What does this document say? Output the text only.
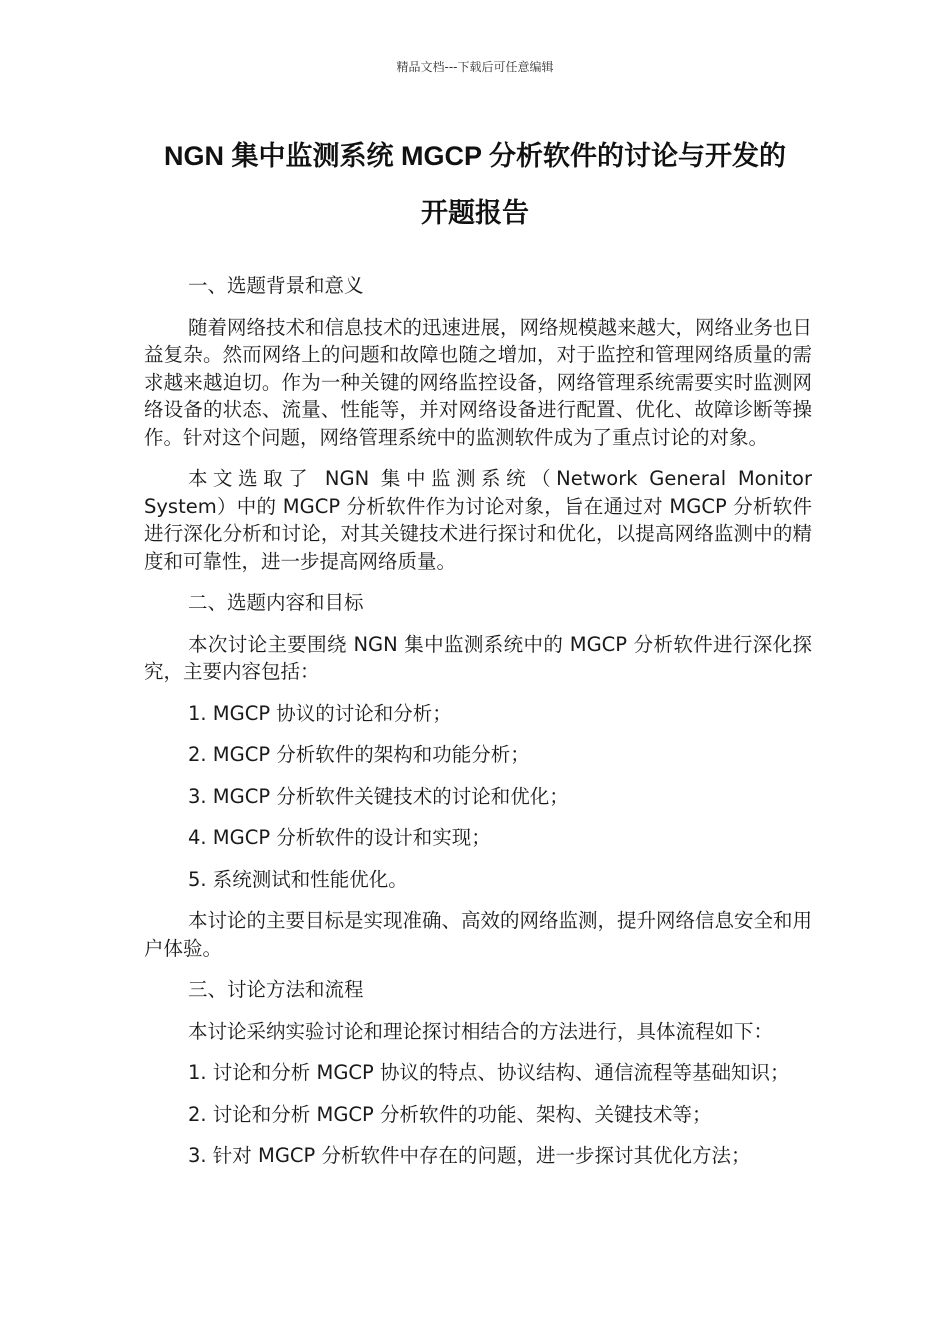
精品文档---下载后可任意编辑
NGN 集中监测系统 MGCP 分析软件的讨论与开发的
开题报告

一、选题背景和意义

随着网络技术和信息技术的迅速进展，网络规模越来越大，网络业务也日益复杂。然而网络上的问题和故障也随之增加，对于监控和管理网络质量的需求越来越迫切。作为一种关键的网络监控设备，网络管理系统需要实时监测网络设备的状态、流量、性能等，并对网络设备进行配置、优化、故障诊断等操作。针对这个问题，网络管理系统中的监测软件成为了重点讨论的对象。

本文选取了 NGN 集中监测系统（Network General Monitor System）中的 MGCP 分析软件作为讨论对象，旨在通过对 MGCP 分析软件进行深化分析和讨论，对其关键技术进行探讨和优化，以提高网络监测中的精度和可靠性，进一步提高网络质量。

二、选题内容和目标

本次讨论主要围绕 NGN 集中监测系统中的 MGCP 分析软件进行深化探究，主要内容包括：

1. MGCP 协议的讨论和分析；
2. MGCP 分析软件的架构和功能分析；
3. MGCP 分析软件关键技术的讨论和优化；
4. MGCP 分析软件的设计和实现；
5. 系统测试和性能优化。

本讨论的主要目标是实现准确、高效的网络监测，提升网络信息安全和用户体验。

三、讨论方法和流程

本讨论采纳实验讨论和理论探讨相结合的方法进行，具体流程如下：

1. 讨论和分析 MGCP 协议的特点、协议结构、通信流程等基础知识；
2. 讨论和分析 MGCP 分析软件的功能、架构、关键技术等；
3. 针对 MGCP 分析软件中存在的问题，进一步探讨其优化方法；
